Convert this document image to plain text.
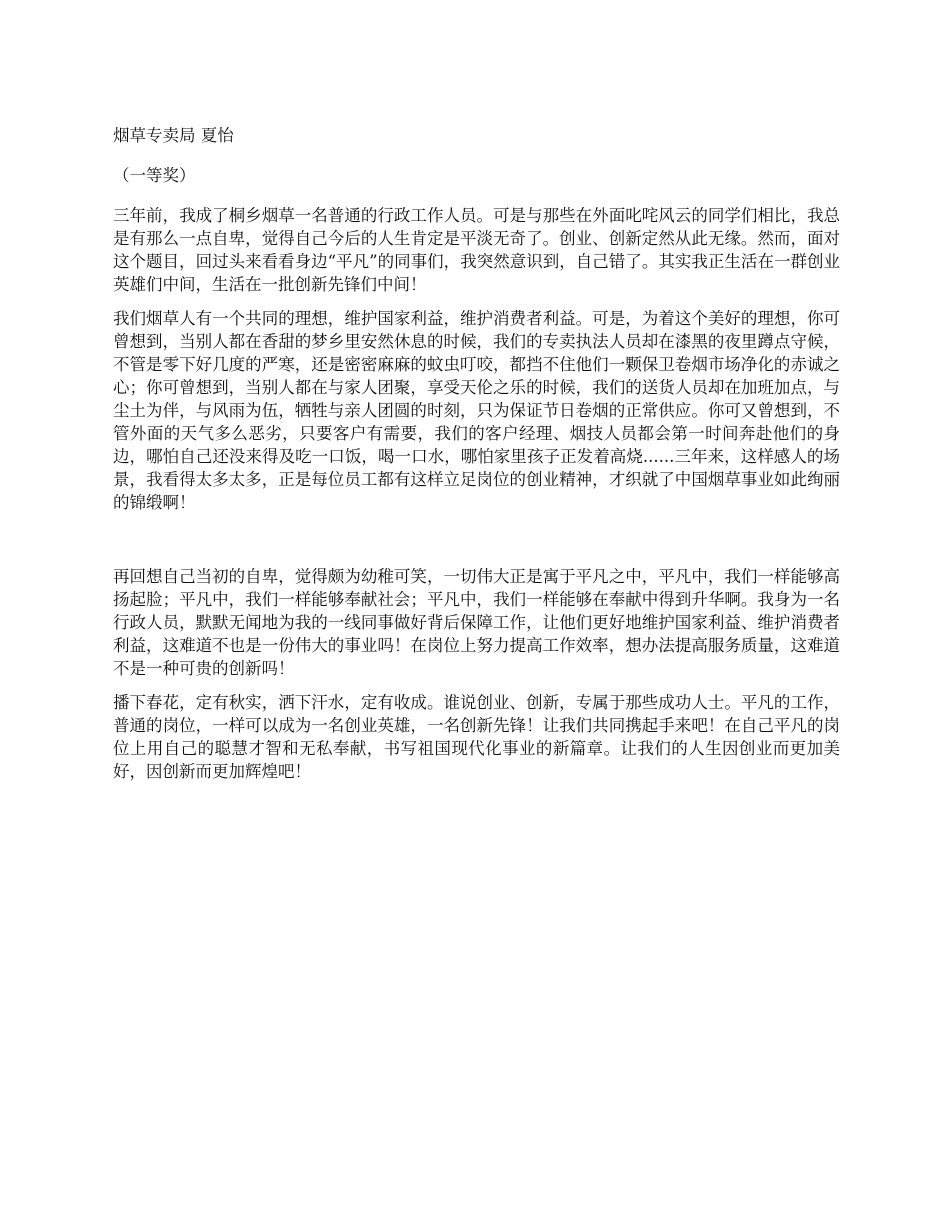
烟草专卖局 夏怡

（一等奖）

三年前，我成了桐乡烟草一名普通的行政工作人员。可是与那些在外面叱咤风云的同学们相比，我总是有那么一点自卑，觉得自己今后的人生肯定是平淡无奇了。创业、创新定然从此无缘。然而，面对这个题目，回过头来看看身边“平凡”的同事们，我突然意识到，自己错了。其实我正生活在一群创业英雄们中间，生活在一批创新先锋们中间！

我们烟草人有一个共同的理想，维护国家利益，维护消费者利益。可是，为着这个美好的理想，你可曾想到，当别人都在香甜的梦乡里安然休息的时候，我们的专卖执法人员却在漆黑的夜里蹲点守候，不管是零下好几度的严寒，还是密密麻麻的蚊虫叮咬，都挡不住他们一颗保卫卷烟市场净化的赤诚之心；你可曾想到，当别人都在与家人团聚，享受天伦之乐的时候，我们的送货人员却在加班加点，与尘土为伴，与风雨为伍，牺牲与亲人团圆的时刻，只为保证节日卷烟的正常供应。你可又曾想到，不管外面的天气多么恶劣，只要客户有需要，我们的客户经理、烟技人员都会第一时间奔赴他们的身边，哪怕自己还没来得及吃一口饭，喝一口水，哪怕家里孩子正发着高烧......三年来，这样感人的场景，我看得太多太多，正是每位员工都有这样立足岗位的创业精神，才织就了中国烟草事业如此绚丽的锦缎啊！

再回想自己当初的自卑，觉得颇为幼稚可笑，一切伟大正是寓于平凡之中，平凡中，我们一样能够高扬起脸；平凡中，我们一样能够奉献社会；平凡中，我们一样能够在奉献中得到升华啊。我身为一名行政人员，默默无闻地为我的一线同事做好背后保障工作，让他们更好地维护国家利益、维护消费者利益，这难道不也是一份伟大的事业吗！在岗位上努力提高工作效率，想办法提高服务质量，这难道不是一种可贵的创新吗！

播下春花，定有秋实，洒下汗水，定有收成。谁说创业、创新，专属于那些成功人士。平凡的工作，普通的岗位，一样可以成为一名创业英雄，一名创新先锋！让我们共同携起手来吧！在自己平凡的岗位上用自己的聪慧才智和无私奉献，书写祖国现代化事业的新篇章。让我们的人生因创业而更加美好，因创新而更加辉煌吧！
